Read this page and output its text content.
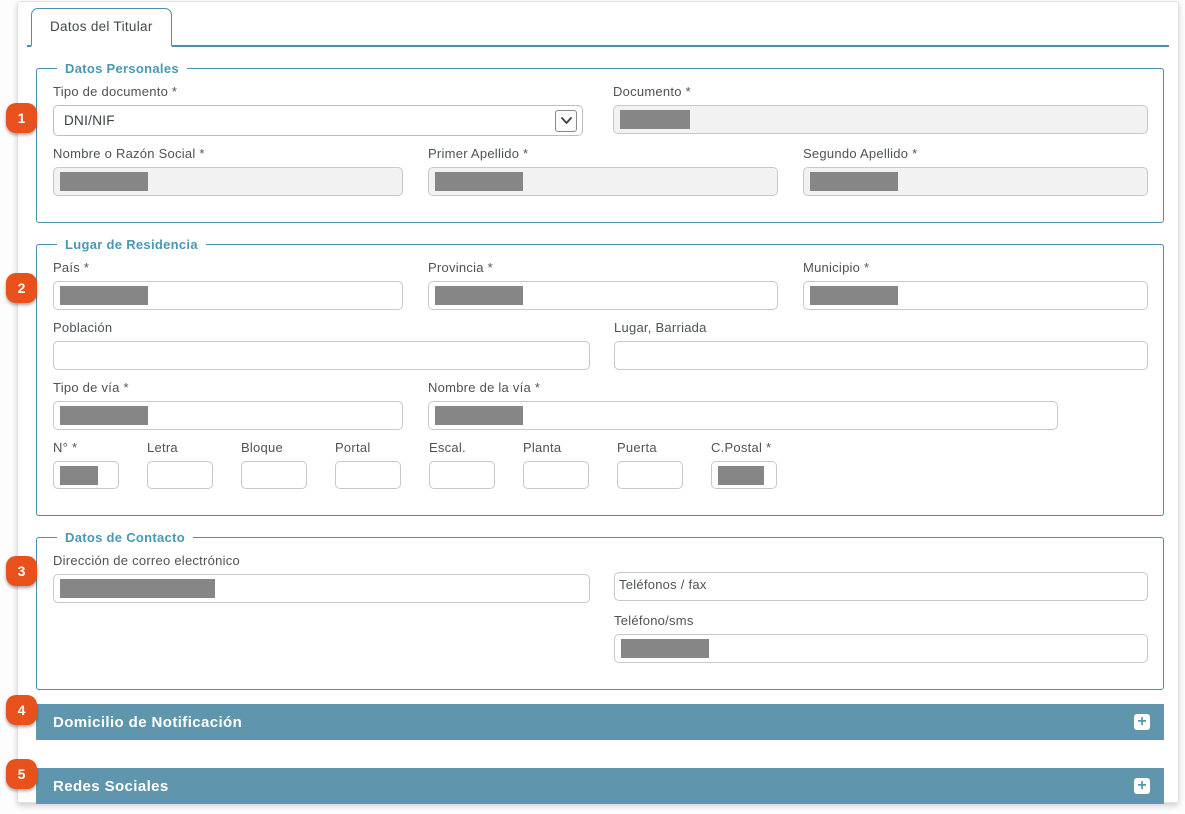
1
2
3
4
5
Datos del Titular
Datos Personales
Tipo de documento *
DNI/NIF
Documento *
Nombre o Razón Social *	Primer Apellido *	Segundo Apellido *
Lugar de Residencia
País *	Provincia *	Municipio *
Población	Lugar, Barriada
Tipo de vía *	Nombre de la vía *
N° *	Letra	Bloque	Portal	Escal.	Planta	Puerta	C.Postal *
Datos de Contacto
Dirección de correo electrónico
Teléfonos / fax
Teléfono/sms
Domicilio de Notificación	+
Redes Sociales	+
